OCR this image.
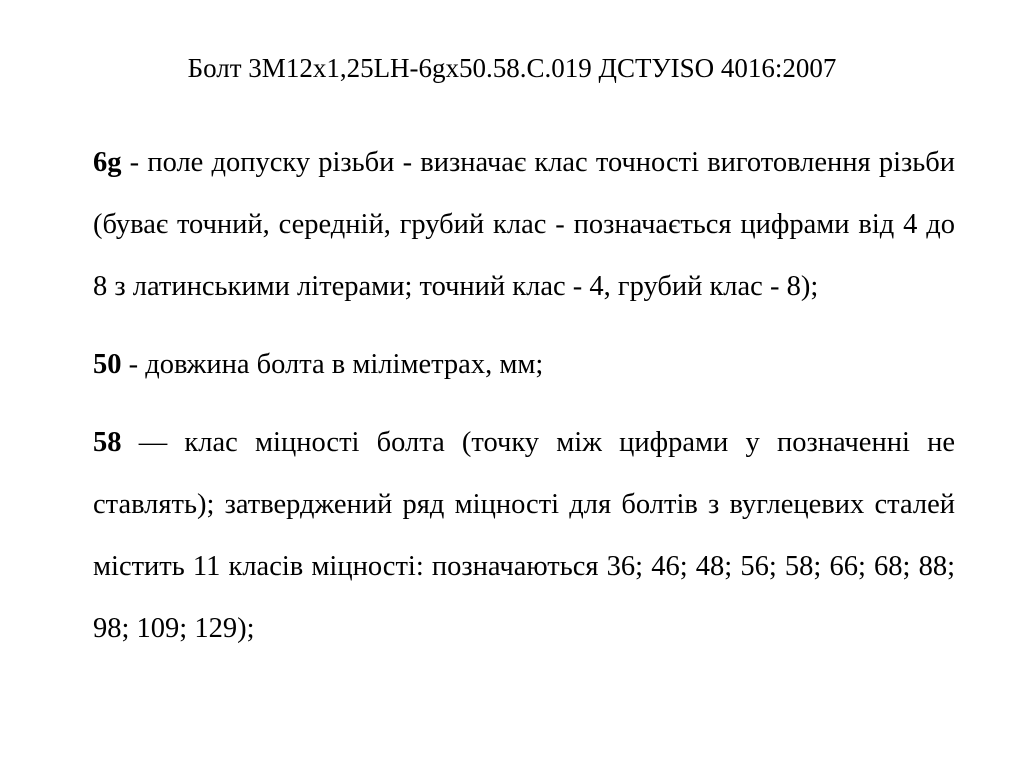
Болт 3М12х1,25LH-6gх50.58.С.019 ДСТУISO 4016:2007

6g - поле допуску різьби - визначає клас точності виготовлення різьби (буває точний, середній, грубий клас - позначається цифрами від 4 до 8 з латинськими літерами; точний клас - 4, грубий клас - 8);

50 - довжина болта в міліметрах, мм;

58 — клас міцності болта (точку між цифрами у позначенні не ставлять); затверджений ряд міцності для болтів з вуглецевих сталей містить 11 класів міцності: позначаються 36; 46; 48; 56; 58; 66; 68; 88; 98; 109; 129);
